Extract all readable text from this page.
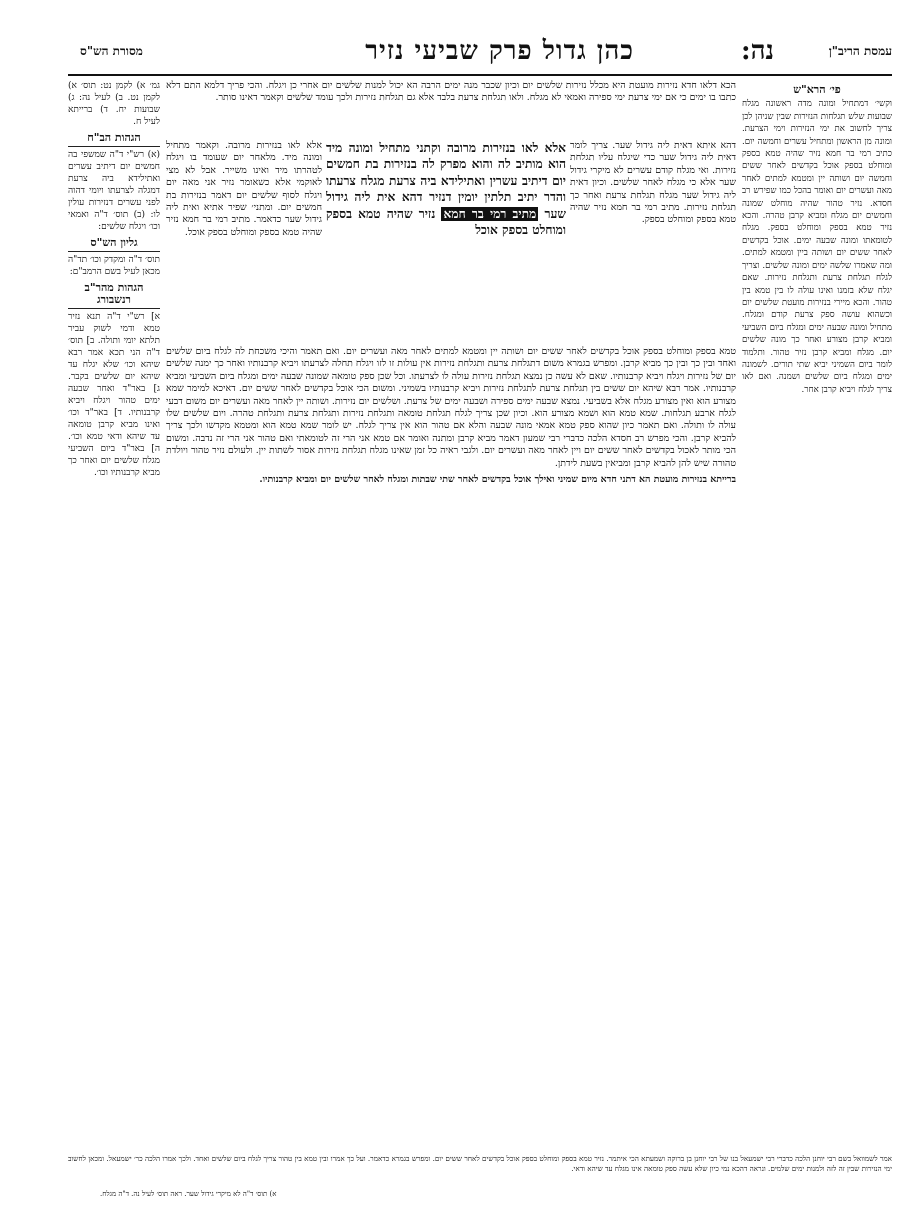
מסורת הש"ס	נה:
כהן גדול פרק שביעי נזיר	עמסת הריב"ן
גמ׳ א) לקמן נט: תוס׳ א) לקמן נט. ב) לעיל נה: ג) שבועות יח. ד) ברייתא לעיל ח.
הגהות הב"ח
(א) רש"י ד"ה שמשפי בה חמשים יום דיתיב עשרים ואתילידא ביה צרעת דמגלה לצרעתו ויומי דהוה לפני עשרים דנזירות עולין לו: (ב) תוס׳ ד"ה ואמאי וכו׳ ויגלח שלשים:
גליון הש"ס
תוס׳ ד"ה ומקדק וכו׳ תד"ה מכאן לעיל בשם הרמב"ם:
הגהות מהר"ב רנשבורג
א] רש"י ד"ה תנא נזיר טמא ודמי לשוק עביר תלתא יומי ותולה. ב] תוס׳ ד"ה הני תכא אמר רבא שיהא וכו׳ שלא יגלח עד שיהא יום שלשים בקבר. ג] באר"ד ואחר שבעה ימים טהור ויגלח ויביא קרבנותיו. ד] באר"ד וכו׳ ואינו מביא קרבן טומאה עד שיהא ודאי טמא וכו׳. ה] באר"ד ביום השביעי מגלח שלשים יום ואחר כך מביא קרבנותיו וכו׳.
פי׳ הרא"ש
וקשי׳ דמתחיל ומונה מדה ראשונה מגלח שבועות שלש תגלחות הנזירות שבין שניהן לכן צריך לחשוב את ימי הנזירות וימי הצרעת. ומונה מן הראשון ומתחיל עשרים וחמשה יום. כתיב רמי בר חמא נזיר שהיה טמא בספק ומוחלט בספק אוכל בקדשים לאחר ששים וחמשה יום ושותה יין ומטמא למתים לאחר מאה ועשרים יום ואומר בהכל כמו שפירש רב חסדא. נזיר טהור שהיה מוחלט שמונה וחמשים יום מגלח ומביא קרבן טהרה. והכא נזיר טמא בספק ומוחלט בספק. מגלח לטומאתו ומונה שבעה ימים. אוכל בקדשים לאחר ששים יום ושותה ביין ומטמא למתים. ומה שאמרו שלשה ימים ומונה שלשים. וצריך לגלח תגלחת צרעת ותגלחת נזירות. שאם יגלח שלא בזמנו ואינו עולה לו בין טמא בין טהור. והכא מיירי בנזירות מועטת שלשים יום וכשהוא עושה ספק צרעת קודם ומגלח. מתחיל ומונה שבעה ימים ומגלח ביום השביעי ומביא קרבן מצורע ואחר כך מונה שלשים יום. מגלח ומביא קרבן נזיר טהור. ותלמוד לומר ביום השמיני יביא שתי תורים. לשמונה ימים ומגלח ביום שלשים ושמנה. ואם לאו צריך לגלח ויביא קרבן אחר.
הכא דלאו חדא נזירות מועטת היא מכלל נזירות שלשים יום וכיון שכבר מנה ימים הרבה הא יכול למנות שלשים יום אחרי כן ויגלח. והכי פריך דלמא התם דלא כתבו בו ימים כי אם ימי צרעת ימי ספירה ואמאי לא מגלח. ולאו תגלחת צרעת בלבד אלא גם תגלחת נזירות ולכך עומד שלשים וקאמר דאינו סותר.
דהא איתא דאית ליה גידול שער. צריך לומר דאית ליה גידול שער כדי שיגלח עליו תגלחת נזירות. ואי מגלח קודם עשרים לא מיקרי גידול שער אלא כי מגלח לאחר שלשים. וכיון דאית ליה גידול שער מגלח תגלחת צרעת ואחר כך תגלחת נזירות. מתיב רמי בר חמא נזיר שהיה טמא בספק ומוחלט בספק.
אלא לאו בנזירות מרובה וקתני מתחיל ומונה מיד הוא מותיב לה והוא מפרק לה בנזירות בת חמשים יום דיתיב עשרין ואתילידא ביה צרעת מגלח צרעתו והדר יתיב תלתין יומין דנזיר דהא אית ליה גידול שער מתיב רמי בר חמא נזיר שהיה טמא בספק ומוחלט בספק אוכל
אלא לאו בנזירות מרובה. וקאמר מתחיל ומונה מיד. מלאחר יום שעומד בו ויגלח לטהרתו מיד ואינו משייר. אבל לא מצי לאוקמי אלא כשאומר נזיר אני מאה יום ויגלח לסוף שלשים יום דאמר בנזירות בת חמשים יום. ומתני׳ שפיר אתיא ואית ליה גידול שער כדאמר. מתיב רמי בר חמא נזיר שהיה טמא בספק ומוחלט בספק אוכל.
טמא בספק ומוחלט בספק אוכל בקדשים לאחר ששים יום ושותה יין ומטמא למתים לאחר מאה ועשרים יום. ואם תאמר והיכי משכחת לה לגלח ביום שלשים ואחד ובין כך ובין כך מביא קרבן. ומפרש בגמרא משום דתגלחת צרעת ותגלחת נזירות אין עולות זו לזו ויגלח תחלה לצרעתו ויביא קרבנותיו ואחר כך ימנה שלשים יום של נזירות ויגלח ויביא קרבנותיו. שאם לא עשה כן נמצא תגלחת נזירות עולה לו לצרעתו. וכל שכן ספק טומאה שמונה שבעה ימים ומגלח ביום השביעי ומביא קרבנותיו. אמר רבא שיהא יום ששים בין תגלחת צרעת לתגלחת נזירות ויביא קרבנותיו בשמיני. ומשום הכי אוכל בקדשים לאחר ששים יום. דאיכא למימר שמא מצורע הוא ואין מצורע מגלח אלא בשביעי. נמצא שבעה ימים ספירה ושבעה ימים של צרעת. ושלשים יום נזירות. ושותה יין לאחר מאה ועשרים יום משום דבעי לגלח ארבע תגלחות. שמא טמא הוא ושמא מצורע הוא. וכיון שכן צריך לגלח תגלחת טומאה ותגלחת נזירות ותגלחת צרעת ותגלחת טהרה. ויום שלשים שלו עולה לו ותולה. ואם תאמר כיון שהוא ספק טמא אמאי מונה שבעה והלא אם טהור הוא אין צריך לגלח. יש לומר שמא טמא הוא ומטמא מקדשו ולכך צריך להביא קרבן. והכי מפרש רב חסדא הלכה כדברי רבי שמעון דאמר מביא קרבן ומתנה ואומר אם טמא אני הרי זה לטומאתי ואם טהור אני הרי זה נדבה. ומשום הכי מותר לאכול בקדשים לאחר ששים יום ויין לאחר מאה ועשרים יום. ולגבי ראיה כל זמן שאינו מגלח תגלחת נזירות אסור לשתות יין. ולעולם נזיר טהור ויולדת טהורה שיש להן להביא קרבן ומביאין בשעת לידתן.
ברייתא בנזירות מועטת הא דתני חדא מיום שמיני ואילך אוכל בקדשים לאחר שתי שבתות ומגלח לאחר שלשים יום ומביא קרבנותיו.
אמר לשמוואל בשם רבי יוחנן הלכה כדברי רבי ישמעאל בנו של רבי יוחנן בן ברוקה ושמעתא הכי איתמר. נזיר טמא בספק ומוחלט בספק אוכל בקדשים לאחר ששים יום. ומפרש בגמרא כדאמר. ועל כך אמרו ובין טמא בין טהור צריך לגלח ביום שלשים ואחד. ולכך אמרו הלכה כר׳ ישמעאל. ומכאן לחשוב ימי הנזירות שבין זה לזה ולמנות ימים שלמים. ונראה דהכא נמי כיון שלא עשה ספק טומאה אינו מגלח עד שיהא ודאי.
א) תוס׳ ד"ה לא מיקרי גידול שער. ראה תוס׳ לעיל נה. ד"ה מגלח.
